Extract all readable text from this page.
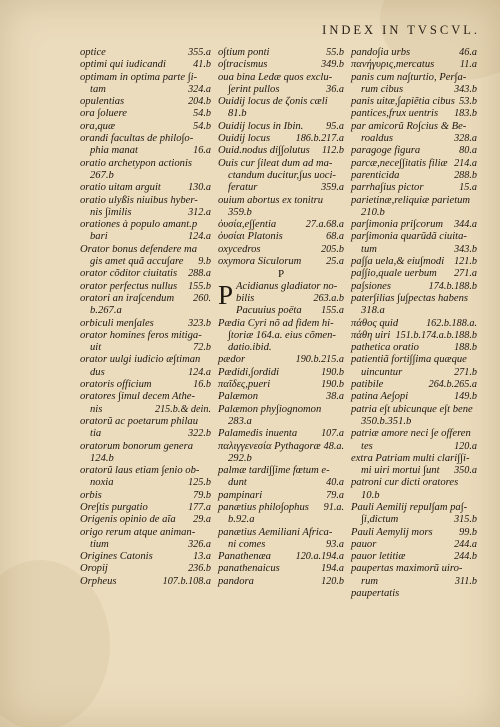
INDEX IN TVSCVL.
optice	355.a
optimi qui iudicandi	41.b
optimam in optima parte ∫i-
tam	324.a
opulentias	204.b
ora ∫oluere	54.b
ora,quæ	54.b
orandi facultas de philo∫o-
phia manat	16.a
oratio archetypon actionis
267.b
oratio uitam arguit	130.a
oratio ulyßis niuibus hyber-
nis ∫imilis	312.a
orationes à populo amant.p
bari	124.a
Orator bonus defendere ma
gis amet quã accu∫are 9.b
orator cõditor ciuitatis 288.a
orator perfectus nullus 155.b
oratori an ira∫cendum 260.
b.267.a
orbiculi men∫ales	323.b
orator homines feros mitiga-
uit	72.b
orator uulgi iudicio æ∫timan
dus	124.a
oratoris officium	16.b
oratores ∫imul decem Athe-
nis	215.b.& dein.
oratorũ ac poetarum philau
tia	322.b
oratorum bonorum genera
124.b
oratorũ laus etiam ∫enio ob-
noxia	125.b
orbis	79.b
Ore∫tis purgatio	177.a
Origenis opinio de aĩa 29.a
origo rerum atque animan-
tium	326.a
Origines Catonis	13.a
Oropij	236.b
Orpheus	107.b.108.a
o∫tium ponti	55.b
o∫tracismus	349.b
oua bina Ledæ quos exclu-
∫erint pullos	36.a
Ouidij locus de ζonis cæli
81.b
Ouidij locus in Ibin. 95.a
Ouidij locus	186.b.217.a
Ouid.nodus di∫∫olutus 112.b
Ouis cur ∫ileat dum ad ma-
ctandum ducitur,∫us uoci-
feratur	359.a
ouium abortus ex tonitru
359.b
ὀυσία,e∫∫entia	27.a.68.a
ὀυσίαι Platonis	68.a
oxycedros	205.b
oxymora Siculorum 25.a
P
P Acidianus gladiator no-
bilis	263.a.b
Pacuuius poëta 155.a
Pædia Cyri nõ ad fidem hi-
∫toriæ 164.a. eius cõmen-
datio.ibid.
pædor	190.b.215.a
Pædidi,∫ordidi	190.b
παῖδες,pueri	190.b
Palæmon	38.a
Palæmon phy∫iognomon
283.a
Palamedis inuenta 107.a
παλιγγενεσία Pythagoræ 48.a.
292.b
palmæ tardi∫∫ime fœtum e-
dunt	40.a
pampinari	79.a
panætius philo∫ophus 91.a.
b.92.a
panætius Aemiliani Africa-
ni comes	93.a
Panathenæa 120.a.194.a
panathenaicus	194.a
pandora	120.b
pando∫ia urbs	46.a
πανήγυρις,mercatus	11.a
panis cum na∫turtio, Per∫a-
rum cibus	343.b
panis uitæ,∫apiẽtia cibus 53.b
pantices,frux uentris 183.b
par amicorũ Ro∫cius & Be-
roaldus	328.a
paragoge figura	80.a
parcæ,nece∫∫itatis filiæ 214.a
parenticida	288.b
parrha∫ius pictor	15.a
parietinæ,reliquiæ parietum
210.b
par∫imonia pri∫corum 344.a
par∫imonia quarũdã ciuita-
tum	343.b
pa∫∫a uela,& eiu∫modi 121.b
pa∫∫io,quale uerbum 271.a
pa∫siones	174.b.188.b
pater∫ilias ∫u∫pectas habens
318.a
πάθος quid	162.b.188.a.
πάθη uiri 151.b.174.a.b.188.b
pathetica oratio	188.b
patientiã forti∫∫ima quæque
uincuntur	271.b
patibile	264.b.265.a
patina Ae∫opi	149.b
patria e∫t ubicunque e∫t bene
350.b.351.b
patriæ amore neci ∫e offeren
tes	120.a
extra Patriam multi clari∫∫i-
mi uiri mortui ∫unt 350.a
patroni cur dicti oratores
10.b
Pauli Aemilij repul∫am pa∫-
∫i,dictum	315.b
Pauli Aemylij mors	99.b
pauor	244.a
pauor letitiæ	244.b
paupertas maximorũ uiro-
rum	311.b
paupertatis
